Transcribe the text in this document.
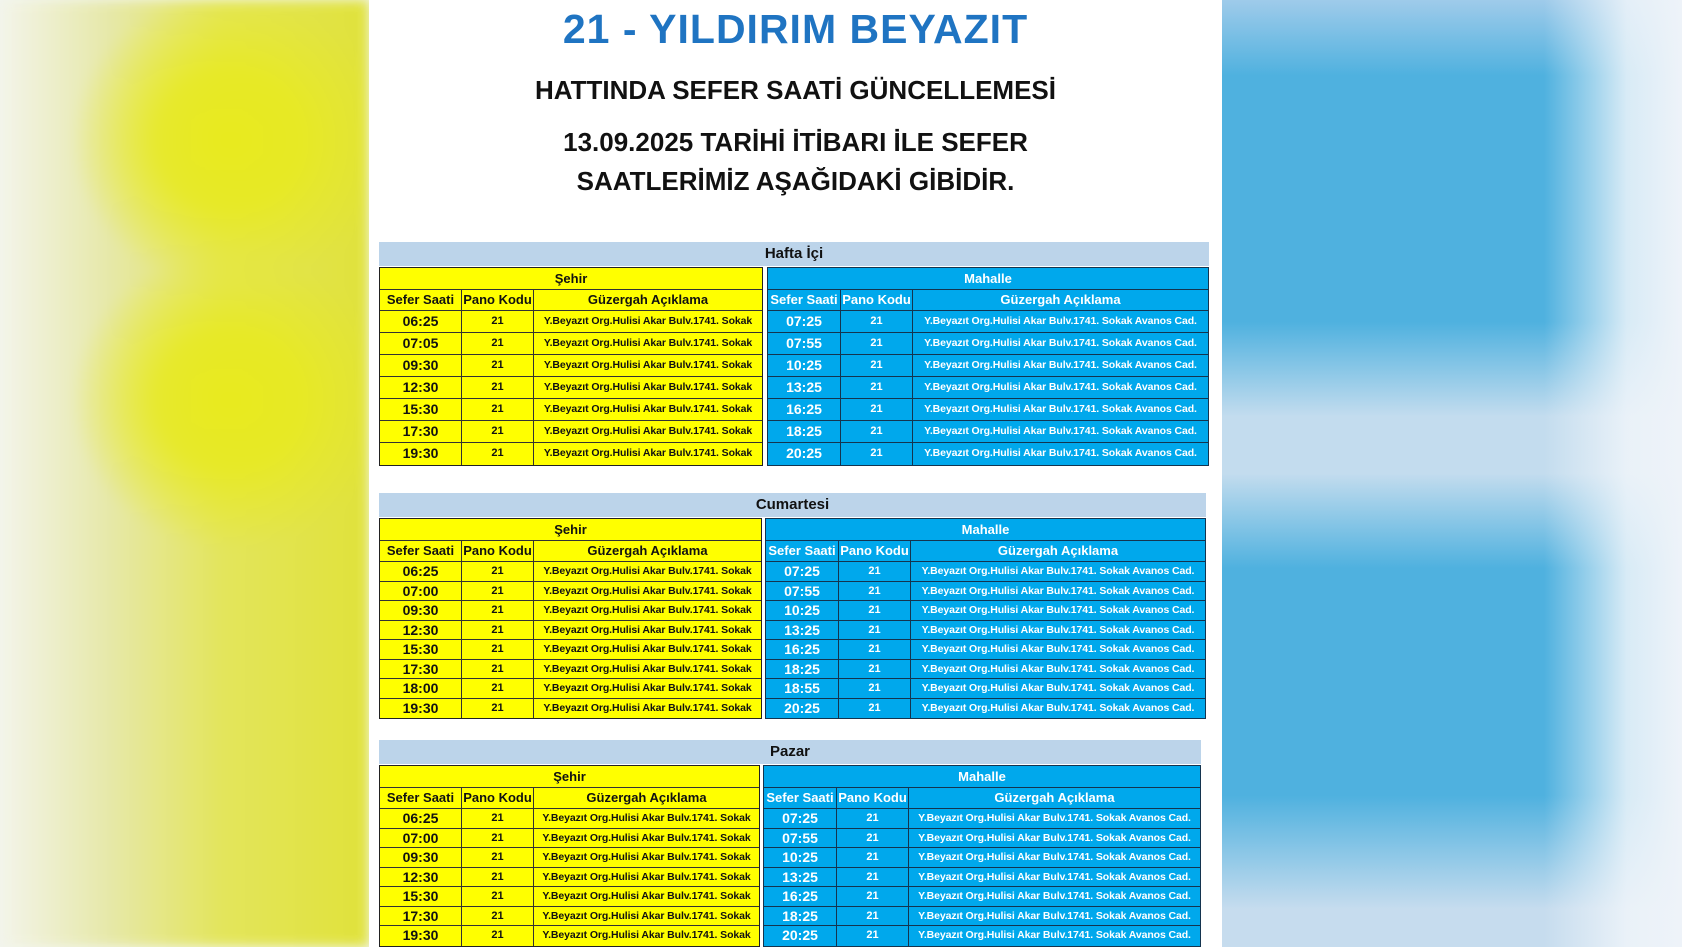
21 - YILDIRIM BEYAZIT
HATTINDA SEFER SAATİ GÜNCELLEMESİ
13.09.2025 TARİHİ İTİBARI İLE SEFER
SAATLERİMİZ AŞAĞIDAKİ GİBİDİR.
Hafta İçi
Şehir
Sefer Saati Pano Kodu	Güzergah Açıklama
06:25	21	Y.Beyazıt Org.Hulisi Akar Bulv.1741. Sokak
07:05	21	Y.Beyazıt Org.Hulisi Akar Bulv.1741. Sokak
09:30	21	Y.Beyazıt Org.Hulisi Akar Bulv.1741. Sokak
12:30	21	Y.Beyazıt Org.Hulisi Akar Bulv.1741. Sokak
15:30	21	Y.Beyazıt Org.Hulisi Akar Bulv.1741. Sokak
17:30	21	Y.Beyazıt Org.Hulisi Akar Bulv.1741. Sokak
19:30	21	Y.Beyazıt Org.Hulisi Akar Bulv.1741. Sokak
Mahalle
Sefer Saati Pano Kodu	Güzergah Açıklama
07:25	21	Y.Beyazıt Org.Hulisi Akar Bulv.1741. Sokak Avanos Cad.
07:55	21	Y.Beyazıt Org.Hulisi Akar Bulv.1741. Sokak Avanos Cad.
10:25	21	Y.Beyazıt Org.Hulisi Akar Bulv.1741. Sokak Avanos Cad.
13:25	21	Y.Beyazıt Org.Hulisi Akar Bulv.1741. Sokak Avanos Cad.
16:25	21	Y.Beyazıt Org.Hulisi Akar Bulv.1741. Sokak Avanos Cad.
18:25	21	Y.Beyazıt Org.Hulisi Akar Bulv.1741. Sokak Avanos Cad.
20:25	21	Y.Beyazıt Org.Hulisi Akar Bulv.1741. Sokak Avanos Cad.
Cumartesi
Şehir
Sefer Saati Pano Kodu	Güzergah Açıklama
06:25	21	Y.Beyazıt Org.Hulisi Akar Bulv.1741. Sokak
07:00	21	Y.Beyazıt Org.Hulisi Akar Bulv.1741. Sokak
09:30	21	Y.Beyazıt Org.Hulisi Akar Bulv.1741. Sokak
12:30	21	Y.Beyazıt Org.Hulisi Akar Bulv.1741. Sokak
15:30	21	Y.Beyazıt Org.Hulisi Akar Bulv.1741. Sokak
17:30	21	Y.Beyazıt Org.Hulisi Akar Bulv.1741. Sokak
18:00	21	Y.Beyazıt Org.Hulisi Akar Bulv.1741. Sokak
19:30	21	Y.Beyazıt Org.Hulisi Akar Bulv.1741. Sokak
Mahalle
Sefer Saati Pano Kodu	Güzergah Açıklama
07:25	21	Y.Beyazıt Org.Hulisi Akar Bulv.1741. Sokak Avanos Cad.
07:55	21	Y.Beyazıt Org.Hulisi Akar Bulv.1741. Sokak Avanos Cad.
10:25	21	Y.Beyazıt Org.Hulisi Akar Bulv.1741. Sokak Avanos Cad.
13:25	21	Y.Beyazıt Org.Hulisi Akar Bulv.1741. Sokak Avanos Cad.
16:25	21	Y.Beyazıt Org.Hulisi Akar Bulv.1741. Sokak Avanos Cad.
18:25	21	Y.Beyazıt Org.Hulisi Akar Bulv.1741. Sokak Avanos Cad.
18:55	21	Y.Beyazıt Org.Hulisi Akar Bulv.1741. Sokak Avanos Cad.
20:25	21	Y.Beyazıt Org.Hulisi Akar Bulv.1741. Sokak Avanos Cad.
Pazar
Şehir
Sefer Saati Pano Kodu	Güzergah Açıklama
06:25	21	Y.Beyazıt Org.Hulisi Akar Bulv.1741. Sokak
07:00	21	Y.Beyazıt Org.Hulisi Akar Bulv.1741. Sokak
09:30	21	Y.Beyazıt Org.Hulisi Akar Bulv.1741. Sokak
12:30	21	Y.Beyazıt Org.Hulisi Akar Bulv.1741. Sokak
15:30	21	Y.Beyazıt Org.Hulisi Akar Bulv.1741. Sokak
17:30	21	Y.Beyazıt Org.Hulisi Akar Bulv.1741. Sokak
19:30	21	Y.Beyazıt Org.Hulisi Akar Bulv.1741. Sokak
Mahalle
Sefer Saati Pano Kodu	Güzergah Açıklama
07:25	21	Y.Beyazıt Org.Hulisi Akar Bulv.1741. Sokak Avanos Cad.
07:55	21	Y.Beyazıt Org.Hulisi Akar Bulv.1741. Sokak Avanos Cad.
10:25	21	Y.Beyazıt Org.Hulisi Akar Bulv.1741. Sokak Avanos Cad.
13:25	21	Y.Beyazıt Org.Hulisi Akar Bulv.1741. Sokak Avanos Cad.
16:25	21	Y.Beyazıt Org.Hulisi Akar Bulv.1741. Sokak Avanos Cad.
18:25	21	Y.Beyazıt Org.Hulisi Akar Bulv.1741. Sokak Avanos Cad.
20:25	21	Y.Beyazıt Org.Hulisi Akar Bulv.1741. Sokak Avanos Cad.
